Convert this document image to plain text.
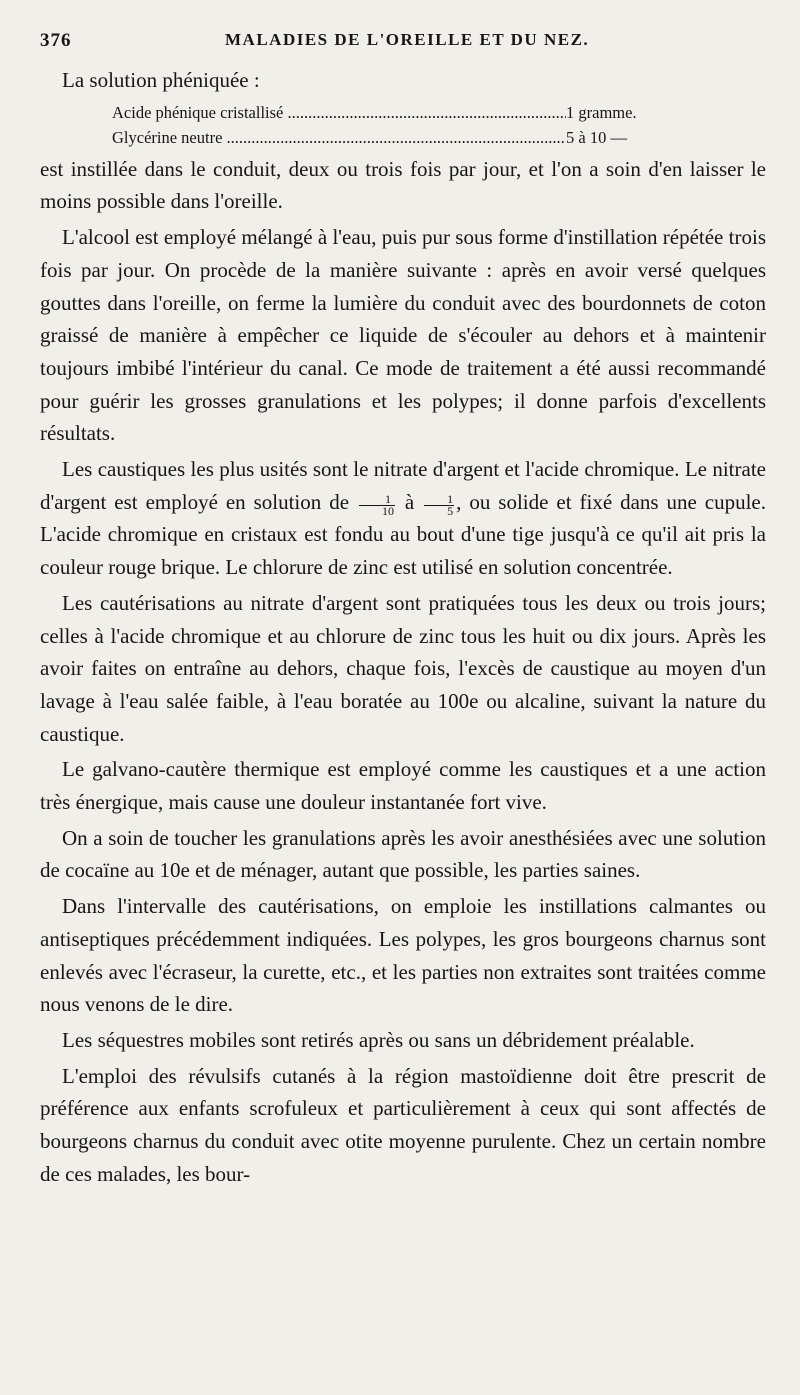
376	MALADIES DE L'OREILLE ET DU NEZ.

La solution phéniquée :

Acide phénique cristallisé .....	1 gramme.
Glycérine neutre .....	5 à 10 —

est instillée dans le conduit, deux ou trois fois par jour, et l'on a soin d'en laisser le moins possible dans l'oreille.

L'alcool est employé mélangé à l'eau, puis pur sous forme d'instillation répétée trois fois par jour. On procède de la manière suivante : après en avoir versé quelques gouttes dans l'oreille, on ferme la lumière du conduit avec des bourdonnets de coton graissé de manière à empêcher ce liquide de s'écouler au dehors et à maintenir toujours imbibé l'intérieur du canal. Ce mode de traitement a été aussi recommandé pour guérir les grosses granulations et les polypes; il donne parfois d'excellents résultats.

Les caustiques les plus usités sont le nitrate d'argent et l'acide chromique. Le nitrate d'argent est employé en solution de $\frac{1}{10}$ à $\frac{1}{5}$ , ou solide et fixé dans une cupule. L'acide chromique en cristaux est fondu au bout d'une tige jusqu'à ce qu'il ait pris la couleur rouge brique. Le chlorure de zinc est utilisé en solution concentrée.

Les cautérisations au nitrate d'argent sont pratiquées tous les deux ou trois jours; celles à l'acide chromique et au chlorure de zinc tous les huit ou dix jours. Après les avoir faites on entraîne au dehors, chaque fois, l'excès de caustique au moyen d'un lavage à l'eau salée faible, à l'eau boratée au 100e ou alcaline, suivant la nature du caustique.

Le galvano-cautère thermique est employé comme les caustiques et a une action très énergique, mais cause une douleur instantanée fort vive.

On a soin de toucher les granulations après les avoir anesthésiées avec une solution de cocaïne au 10e et de ménager, autant que possible, les parties saines.

Dans l'intervalle des cautérisations, on emploie les instillations calmantes ou antiseptiques précédemment indiquées. Les polypes, les gros bourgeons charnus sont enlevés avec l'écraseur, la curette, etc., et les parties non extraites sont traitées comme nous venons de le dire.

Les séquestres mobiles sont retirés après ou sans un débridement préalable.

L'emploi des révulsifs cutanés à la région mastoïdienne doit être prescrit de préférence aux enfants scrofuleux et particulièrement à ceux qui sont affectés de bourgeons charnus du conduit avec otite moyenne purulente. Chez un certain nombre de ces malades, les bour-
